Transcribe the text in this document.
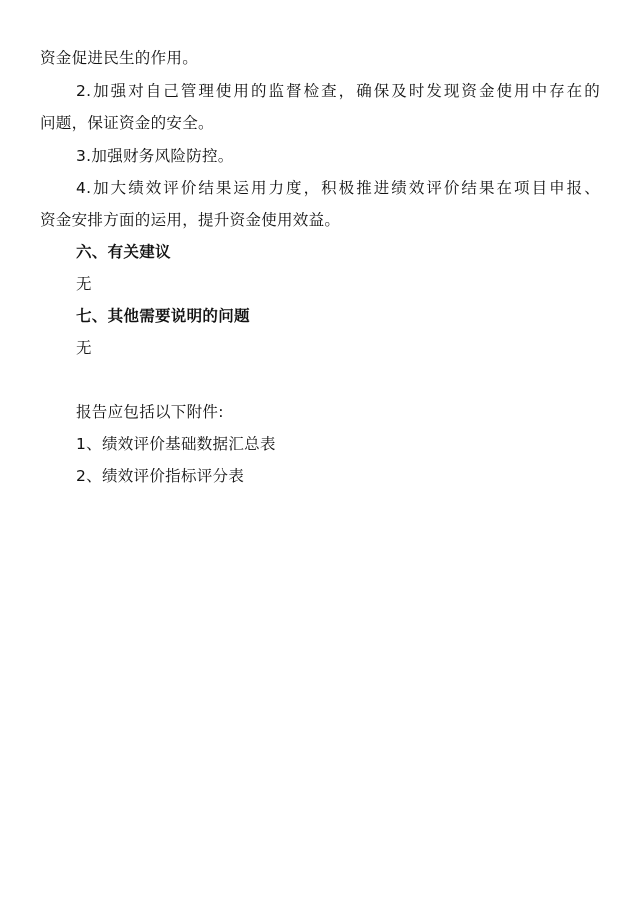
资金促进民生的作用。
2.加强对自己管理使用的监督检查，确保及时发现资金使用中存在的
问题，保证资金的安全。
3.加强财务风险防控。
4.加大绩效评价结果运用力度，积极推进绩效评价结果在项目申报、
资金安排方面的运用，提升资金使用效益。
六、有关建议
无
七、其他需要说明的问题
无
报告应包括以下附件:
1、绩效评价基础数据汇总表
2、绩效评价指标评分表
